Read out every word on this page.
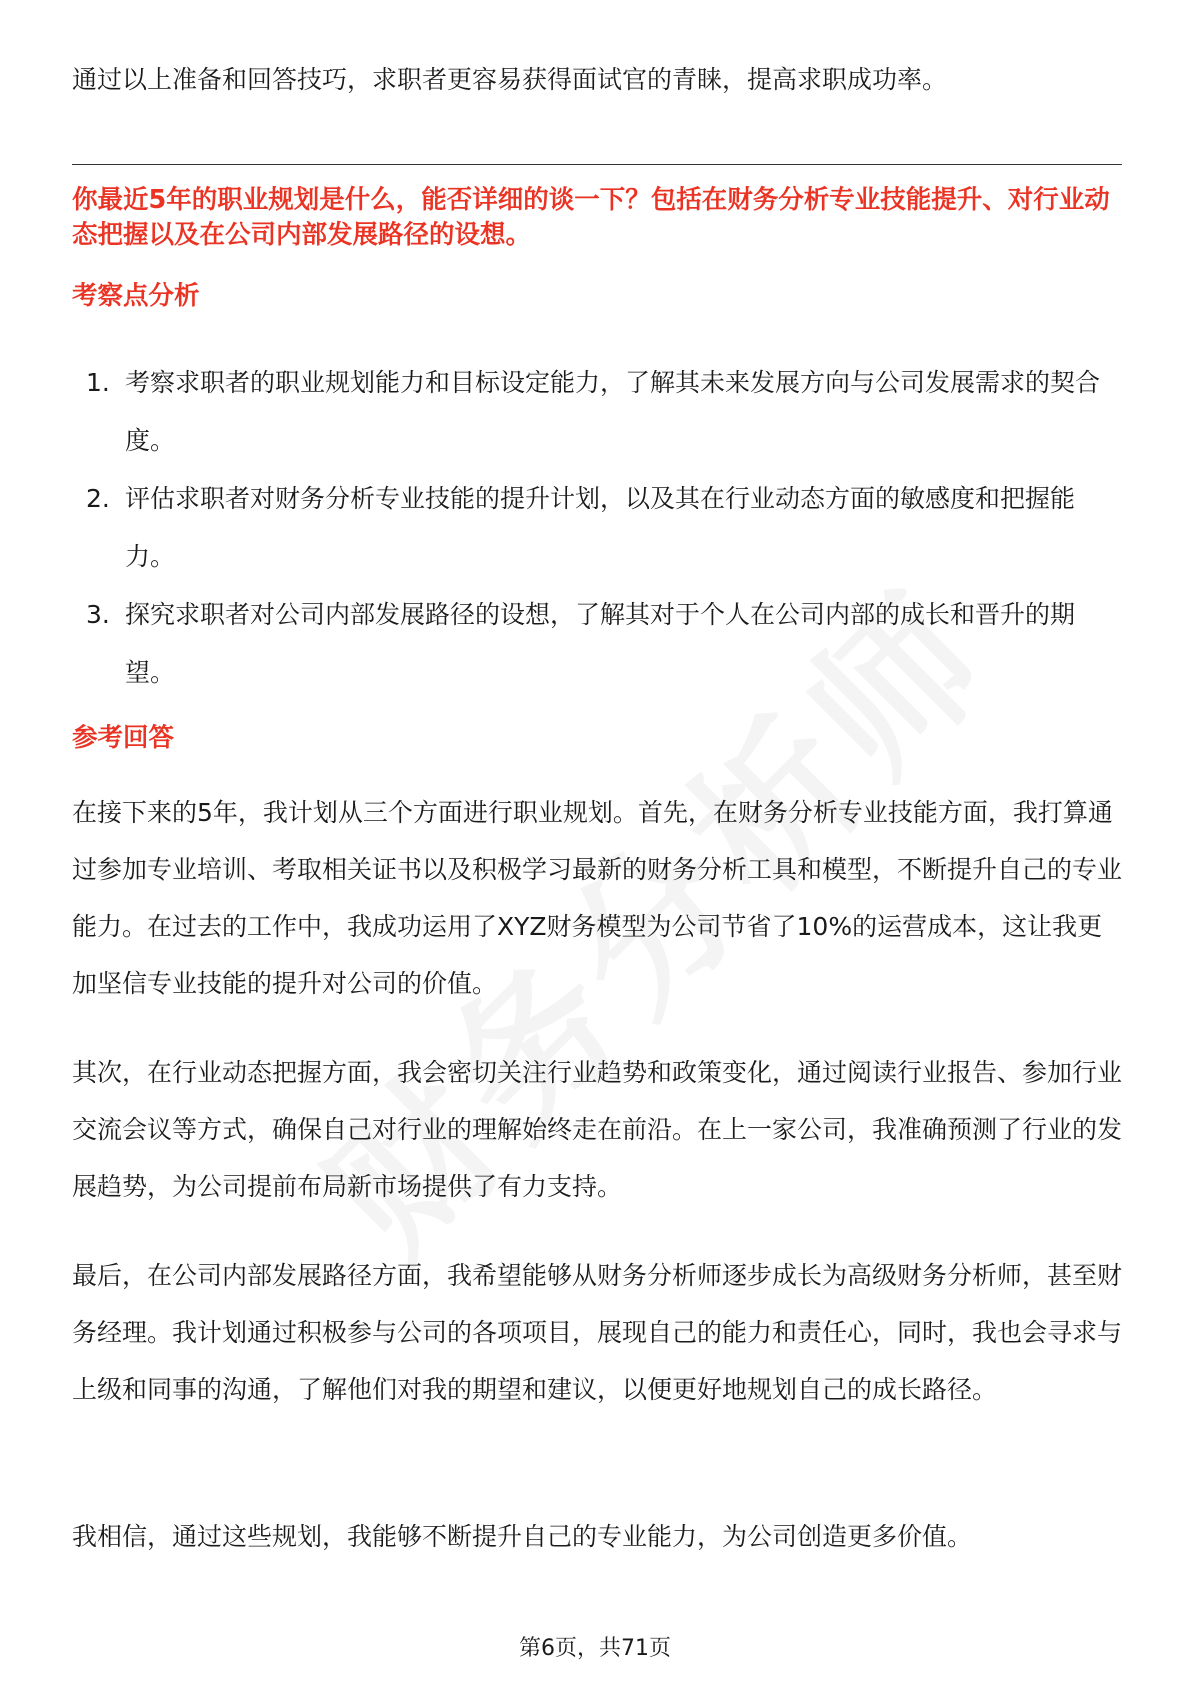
通过以上准备和回答技巧，求职者更容易获得面试官的青睐，提高求职成功率。

你最近5年的职业规划是什么，能否详细的谈一下？包括在财务分析专业技能提升、对行业动态把握以及在公司内部发展路径的设想。

考察点分析

1. 考察求职者的职业规划能力和目标设定能力，了解其未来发展方向与公司发展需求的契合度。
2. 评估求职者对财务分析专业技能的提升计划，以及其在行业动态方面的敏感度和把握能力。
3. 探究求职者对公司内部发展路径的设想，了解其对于个人在公司内部的成长和晋升的期望。

参考回答

在接下来的5年，我计划从三个方面进行职业规划。首先，在财务分析专业技能方面，我打算通过参加专业培训、考取相关证书以及积极学习最新的财务分析工具和模型，不断提升自己的专业能力。在过去的工作中，我成功运用了XYZ财务模型为公司节省了10%的运营成本，这让我更加坚信专业技能的提升对公司的价值。

其次，在行业动态把握方面，我会密切关注行业趋势和政策变化，通过阅读行业报告、参加行业交流会议等方式，确保自己对行业的理解始终走在前沿。在上一家公司，我准确预测了行业的发展趋势，为公司提前布局新市场提供了有力支持。

最后，在公司内部发展路径方面，我希望能够从财务分析师逐步成长为高级财务分析师，甚至财务经理。我计划通过积极参与公司的各项项目，展现自己的能力和责任心，同时，我也会寻求与上级和同事的沟通，了解他们对我的期望和建议，以便更好地规划自己的成长路径。

我相信，通过这些规划，我能够不断提升自己的专业能力，为公司创造更多价值。

第6页，共71页
